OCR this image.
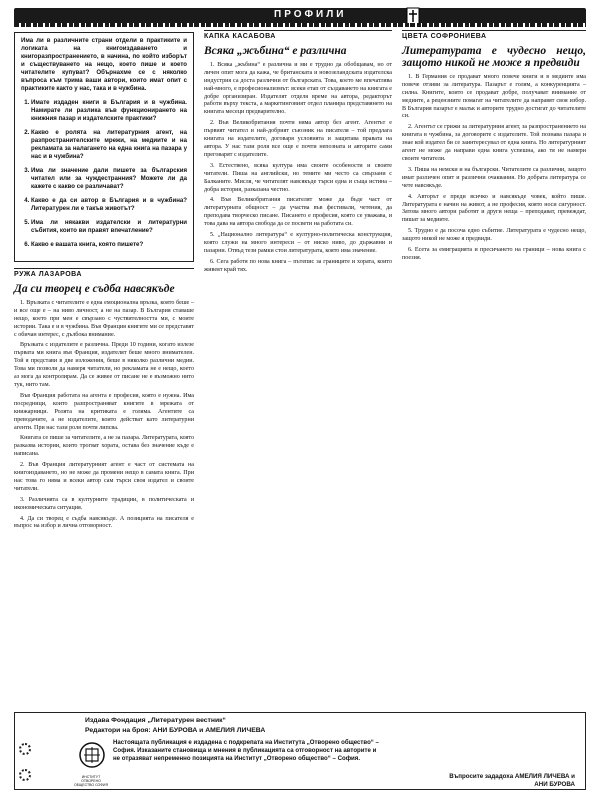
ПРОФИЛИ

Има ли в различните страни отдели в практиките и логиката на книгоиздаването и книгоразпространението, в начина, по който изборът и съществуването на нещо, което пише и което читателите купуват? Обърнахме се с няколко въпроса към трима ваши автори, които имат опит с практиките както у нас, така и в чужбина.

1. Имате издаден книги в България и в чужбина. Намирате ли разлика във функционирането на книжния пазар и издателските практики?
2. Какво е ролята на литературния агент, на разпространителските мрежи, на медиите и на рекламата за налагането на една книга на пазара у нас и в чужбина?
3. Има ли значение дали пишете за българския читател или за чуждестранния? Можете ли да кажете с какво се различават?
4. Какво е да си автор в България и в чужбина? Литературен ли е такъв животът?
5. Има ли някакви издателски и литературни събития, които ви правят впечатление?
6. Какво е вашата книга, която пишете?
РУЖА ЛАЗАРОВА
Да си творец е съдба навсякъде

1. Връзката с читателите е една емоционална връзка, която беше – и все още е – на ниво личност, а не на пазар. В България ставаше нещо, което при мен е свързано с чуствителността ми, с моите истории. Така е и в чужбина. Във Франция книгите ми се представят с обичан интерес, с дълбока внимание.

Връзката с издателите е различна. Преди 10 години, когато излезе първата ми книга във Франция, издателят беше много внимателен. Той я представи в две изложения, беше в няколко различни медии. Това ми позволи да намеря читатели, но рекламата не е нещо, което аз мога да контролирам. Да се живее от писане не е възможно нито тук, нито там.

Във Франция работата на агента е професия, която е нужна. Има посредници, които разпространяват книгите в мрежата от книжарници. Ролята на критиката е голяма. Агентите са преводачите, а не издателите, които действат като литературни агенти. При нас тази роля почти липсва.

Книгата се пише за читателите, а не за пазара. Литературата, която разказва истории, които трогват хората, остава без значение къде е написана.

2. Във Франция литературният агент е част от системата на книгоиздаването, но не може да промени нещо в самата книга. При нас това го няма и всеки автор сам търси своя издател и своите читатели.

3. Различията са в културните традиции, в политическата и икономическата ситуация.

4. Да си творец е съдба навсякъде. А позицията на писателя е въпрос на избор и лична отговорност.

КАПКА КАСАБОВА
Всяка „жъбина“ е различна

1. Всяка „жъбина“ е различна и ми е трудно да обобщавам, но от личен опит мога да кажа, че британската и новозеландската издателска индустрия са доста различни от българската. Това, което ме впечатлява най-много, е професионализмът: всеки етап от създаването на книгата е добре организиран. Издателят отделя време на автора, редакторът работи върху текста, а маркетинговият отдел планира представянето на книгата месеци предварително.

2. Във Великобритания почти няма автор без агент. Агентът е първият читател и най-добрият съюзник на писателя – той предлага книгата на издателите, договаря условията и защитава правата на автора. У нас тази роля все още е почти непозната и авторите сами преговарят с издателите.

3. Естествено, всяка култура има своите особености и своите читатели. Пиша на английски, но темите ми често са свързани с Балканите. Мисля, че читателят навсякъде търси една и съща истина – добра история, разказана честно.

4. Във Великобритания писателят може да бъде част от литературната общност – да участва във фестивали, четения, да преподава творческо писане. Писането е професия, която се уважава, и това дава на автора свобода да се посвети на работата си.

5. „Национално литература“ е културно-политическа конструкция, която служи на много интереси – от ниско ниво, до държавни и пазарни. Отвъд тези рамки стои литературата, която има значение.

6. Сега работя по нова книга – пътепис за границите и хората, които живеят край тях.

ЦВЕТА СОФРОНИЕВА
Литературата е чудесно нещо, защото никой не може я предвиди

1. В Германия се продават много повече книги и в медиите има повече отзиви за литература. Пазарът е голям, а конкуренцията – силна. Книгите, които се продават добре, получават внимание от медиите, а рецензиите помагат на читателите да направят своя избор. В България пазарът е малък и авторите трудно достигат до читателите си.

2. Агентът се грижи за литературния агент, за разпространението на книгата в чужбина, за договорите с издателите. Той познава пазара и знае кой издател би се заинтересувал от една книга. Но литературният агент не може да направи една книга успешна, ако тя не намери своите читатели.

3. Пиша на немски и на български. Читателите са различни, защото имат различен опит и различни очаквания. Но добрата литература се чете навсякъде.

4. Авторът е преди всичко и навсякъде човек, който пише. Литературата е начин на живот, а не професия, която носи сигурност. Затова много автори работят и други неща – преподават, превеждат, пишат за медиите.

5. Трудно е да посоча едно събитие. Литературата е чудесно нещо, защото никой не може я предвиди.

6. Есета за емиграцията и пресичането на граници – нова книга с поезия.

Издава Фондация „Литературен вестник“
Редактори на броя: АНИ БУРОВА и АМЕЛИЯ ЛИЧЕВА
ИНСТИТУТ ОТВОРЕНО ОБЩЕСТВО СОФИЯ
Настоящата публикация е издадена с подкрепата на Института „Отворено общество“ – София. Изказаните становища и мнения в публикацията са отговорност на авторите и не отразяват непременно позицията на Институт „Отворено общество“ – София.
Въпросите зададоха АМЕЛИЯ ЛИЧЕВА и
АНИ БУРОВА
